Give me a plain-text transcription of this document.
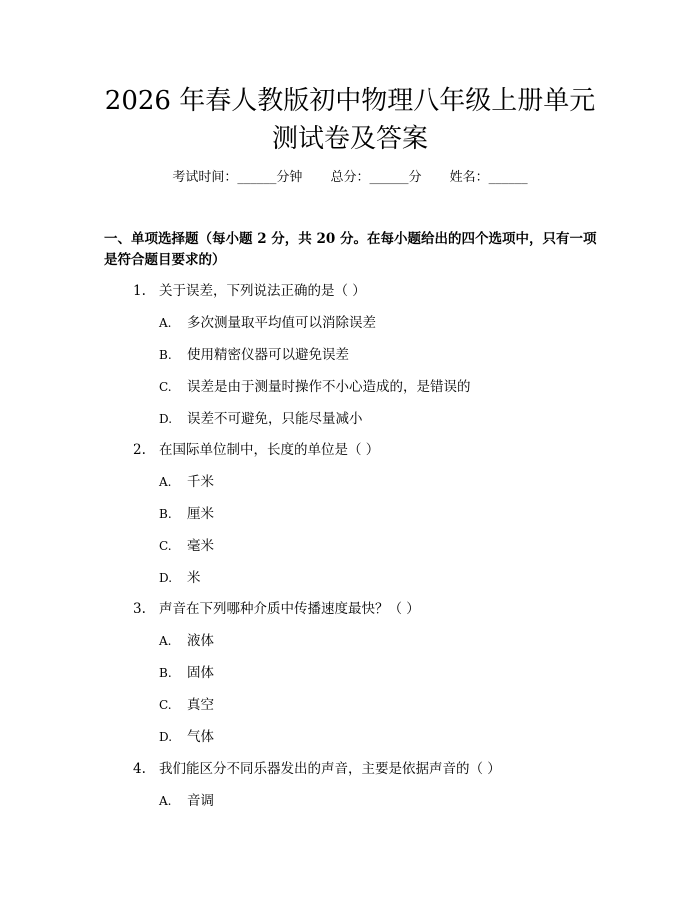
2026 年春人教版初中物理八年级上册单元测试卷及答案
考试时间：______分钟 总分：______分 姓名：______

一、单项选择题（每小题 2 分，共 20 分。在每小题给出的四个选项中，只有一项是符合题目要求的）

1. 关于误差，下列说法正确的是（ ）
A. 多次测量取平均值可以消除误差
B. 使用精密仪器可以避免误差
C. 误差是由于测量时操作不小心造成的，是错误的
D. 误差不可避免，只能尽量减小
2. 在国际单位制中，长度的单位是（ ）
A. 千米
B. 厘米
C. 毫米
D. 米
3. 声音在下列哪种介质中传播速度最快？（ ）
A. 液体
B. 固体
C. 真空
D. 气体
4. 我们能区分不同乐器发出的声音，主要是依据声音的（ ）
A. 音调
